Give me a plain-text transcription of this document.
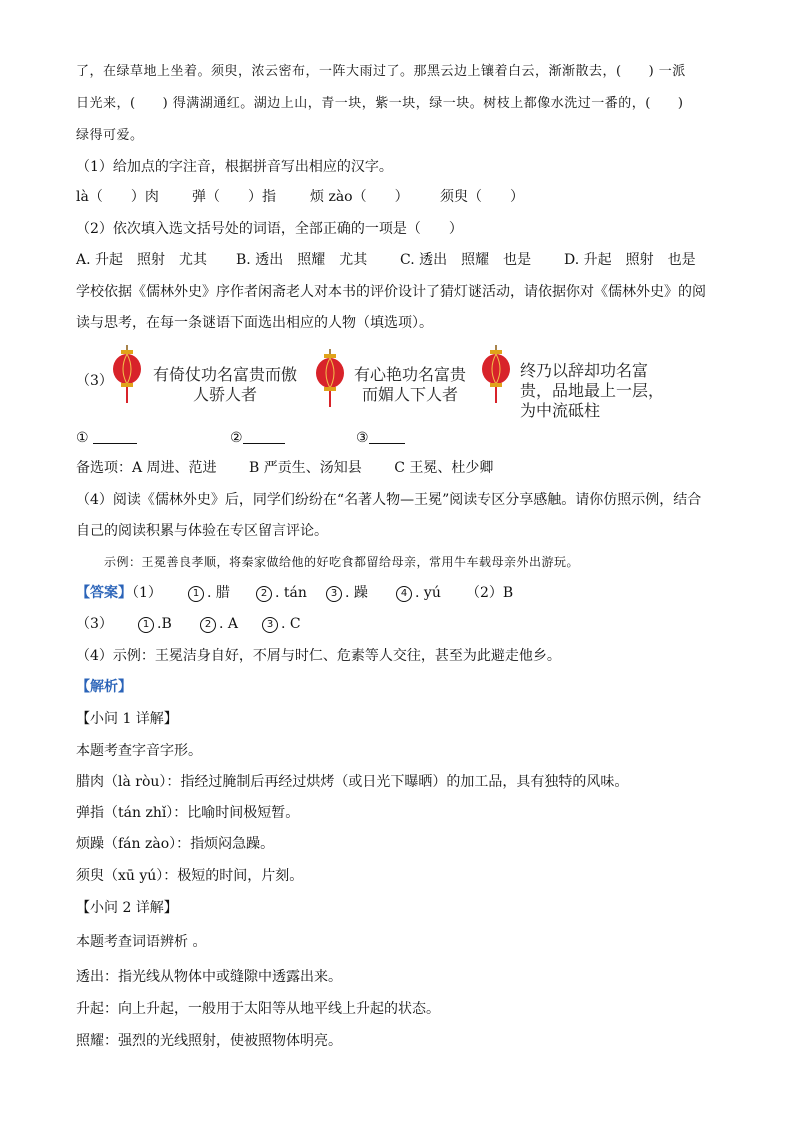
了，在绿草地上坐着。须臾，浓云密布，一阵大雨过了。那黑云边上镶着白云，渐渐散去，(　　) 一派
日光来，(　　) 得满湖通红。湖边上山，青一块，紫一块，绿一块。树枝上都像水洗过一番的，(　　)
绿得可爱。
（1）给加点的字注音，根据拼音写出相应的汉字。
là（　　）肉 弹（　　）指 烦 zào（　　） 须臾（　　）
（2）依次填入选文括号处的词语，全部正确的一项是（　　）
A. 升起　照射　尤其 B. 透出　照耀　尤其 C. 透出　照耀　也是 D. 升起　照射　也是
学校依据《儒林外史》序作者闲斋老人对本书的评价设计了猜灯谜活动，请依据你对《儒林外史》的阅
读与思考，在每一条谜语下面选出相应的人物（填选项）。
（3）	有倚仗功名富贵而傲人骄人者
有心艳功名富贵而媚人下人者
终乃以辞却功名富贵，品地最上一层，为中流砥柱
①	②	③
备选项：A 周进、范进　　 B 严贡生、汤知县　　 C 王冕、杜少卿
（4）阅读《儒林外史》后，同学们纷纷在“名著人物—王冕”阅读专区分享感触。请你仿照示例，结合
自己的阅读积累与体验在专区留言评论。
示例：王冕善良孝顺，将秦家做给他的好吃食都留给母亲，常用牛车载母亲外出游玩。
【答案】（1）	1 . 腊	2 . tán	3 . 躁	4 . yú （2）B
（3）	1 .B	2 . A	3 . C
（4）示例：王冕洁身自好，不屑与时仁、危素等人交往，甚至为此避走他乡。
【解析】
【小问 1 详解】
本题考查字音字形。
腊肉（là ròu）：指经过腌制后再经过烘烤（或日光下曝晒）的加工品，具有独特的风味。
弹指（tán zhǐ）：比喻时间极短暂。
烦躁（fán zào）：指烦闷急躁。
须臾（xū yú）：极短的时间，片刻。
【小问 2 详解】
本题考查词语辨析 。
透出：指光线从物体中或缝隙中透露出来。
升起：向上升起，一般用于太阳等从地平线上升起的状态。
照耀：强烈的光线照射，使被照物体明亮。
